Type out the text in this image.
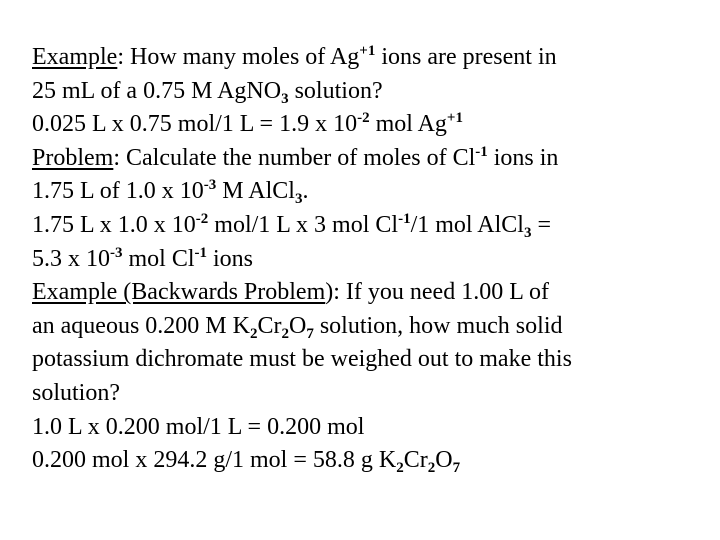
Example: How many moles of $Ag^{+1}$ ions are present in
25 mL of a 0.75 M AgNO$_3$ solution?
0.025 L x 0.75 mol/1 L = 1.9 x $10^{-2}$ mol $Ag^{+1}$
Problem: Calculate the number of moles of $Cl^{-1}$ ions in
1.75 L of 1.0 x $10^{-3}$ M AlCl$_3$.
1.75 L x 1.0 x $10^{-2}$ mol/1 L x 3 mol $Cl^{-1}/1$ mol AlCl$_3$ =
5.3 x $10^{-3}$ mol $Cl^{-1}$ ions
Example (Backwards Problem): If you need 1.00 L of
an aqueous 0.200 M $K_2Cr_2O_7$ solution, how much solid
potassium dichromate must be weighed out to make this
solution?
1.0 L x 0.200 mol/1 L = 0.200 mol
0.200 mol x 294.2 g/1 mol = 58.8 g $K_2Cr_2O_7$
